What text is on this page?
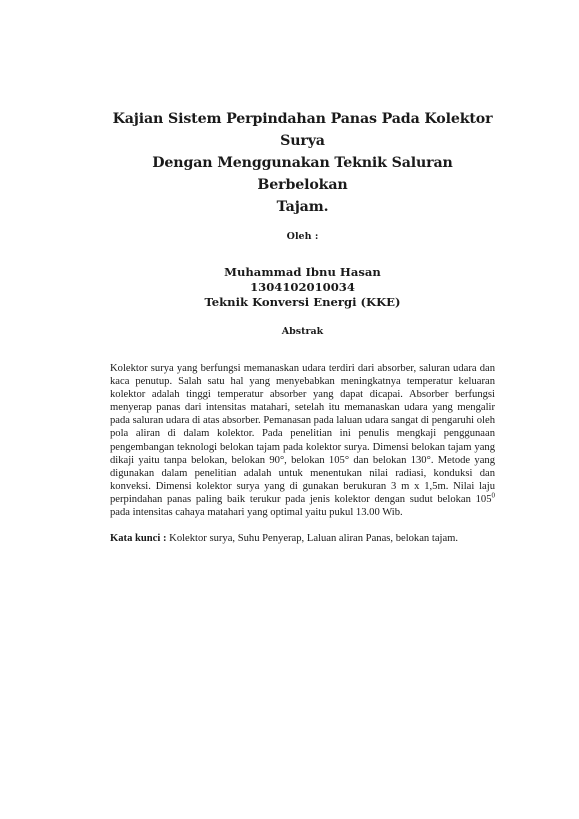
Kajian Sistem Perpindahan Panas Pada Kolektor Surya
Dengan Menggunakan Teknik Saluran Berbelokan
Tajam.
Oleh :
Muhammad Ibnu Hasan
1304102010034
Teknik Konversi Energi (KKE)
Abstrak

Kolektor surya yang berfungsi memanaskan udara terdiri dari absorber, saluran udara dan kaca penutup. Salah satu hal yang menyebabkan meningkatnya temperatur keluaran kolektor adalah tinggi temperatur absorber yang dapat dicapai. Absorber berfungsi menyerap panas dari intensitas matahari, setelah itu memanaskan udara yang mengalir pada saluran udara di atas absorber. Pemanasan pada laluan udara sangat di pengaruhi oleh pola aliran di dalam kolektor. Pada penelitian ini penulis mengkaji penggunaan pengembangan teknologi belokan tajam pada kolektor surya. Dimensi belokan tajam yang dikaji yaitu tanpa belokan, belokan 90°, belokan 105° dan belokan 130°. Metode yang digunakan dalam penelitian adalah untuk menentukan nilai radiasi, konduksi dan konveksi. Dimensi kolektor surya yang di gunakan berukuran 3 m x 1,5m. Nilai laju perpindahan panas paling baik terukur pada jenis kolektor dengan sudut belokan $105^0$ pada intensitas cahaya matahari yang optimal yaitu pukul 13.00 Wib.

Kata kunci : Kolektor surya, Suhu Penyerap, Laluan aliran Panas, belokan tajam.
